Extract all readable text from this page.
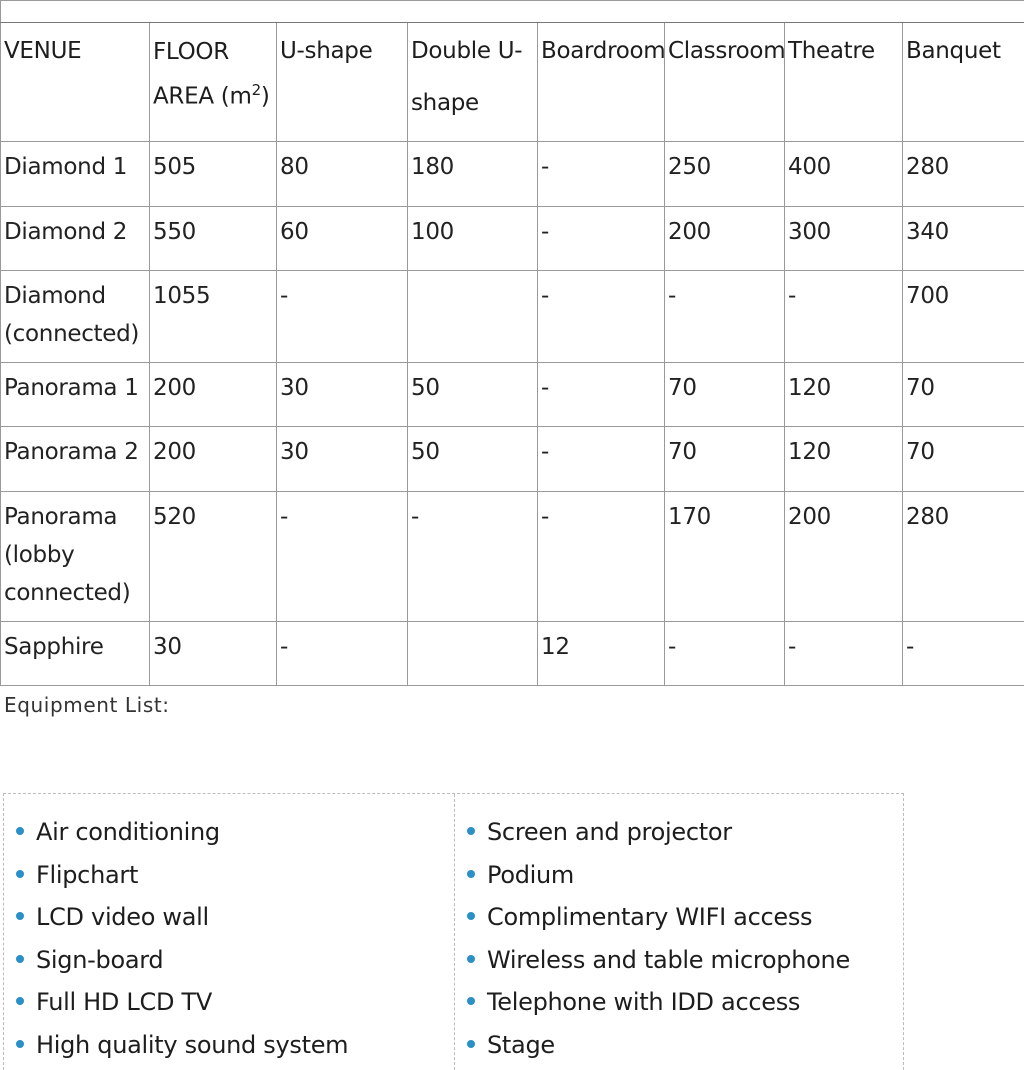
VENUE	FLOOR AREA $(m^2)$	U-shape	Double U-shape	Boardroom	Classroom	Theatre	Banquet
Diamond 1	505	80	180	-	250	400	280
Diamond 2	550	60	100	-	200	300	340
Diamond (connected)	1055	-		-	-	-	700
Panorama 1	200	30	50	-	70	120	70
Panorama 2	200	30	50	-	70	120	70
Panorama (lobby connected)	520	-	-	-	170	200	280
Sapphire	30	-		12	-	-	-
Equipment List:
Air conditioning
Flipchart
LCD video wall
Sign-board
Full HD LCD TV
High quality sound system
Screen and projector
Podium
Complimentary WIFI access
Wireless and table microphone
Telephone with IDD access
Stage
